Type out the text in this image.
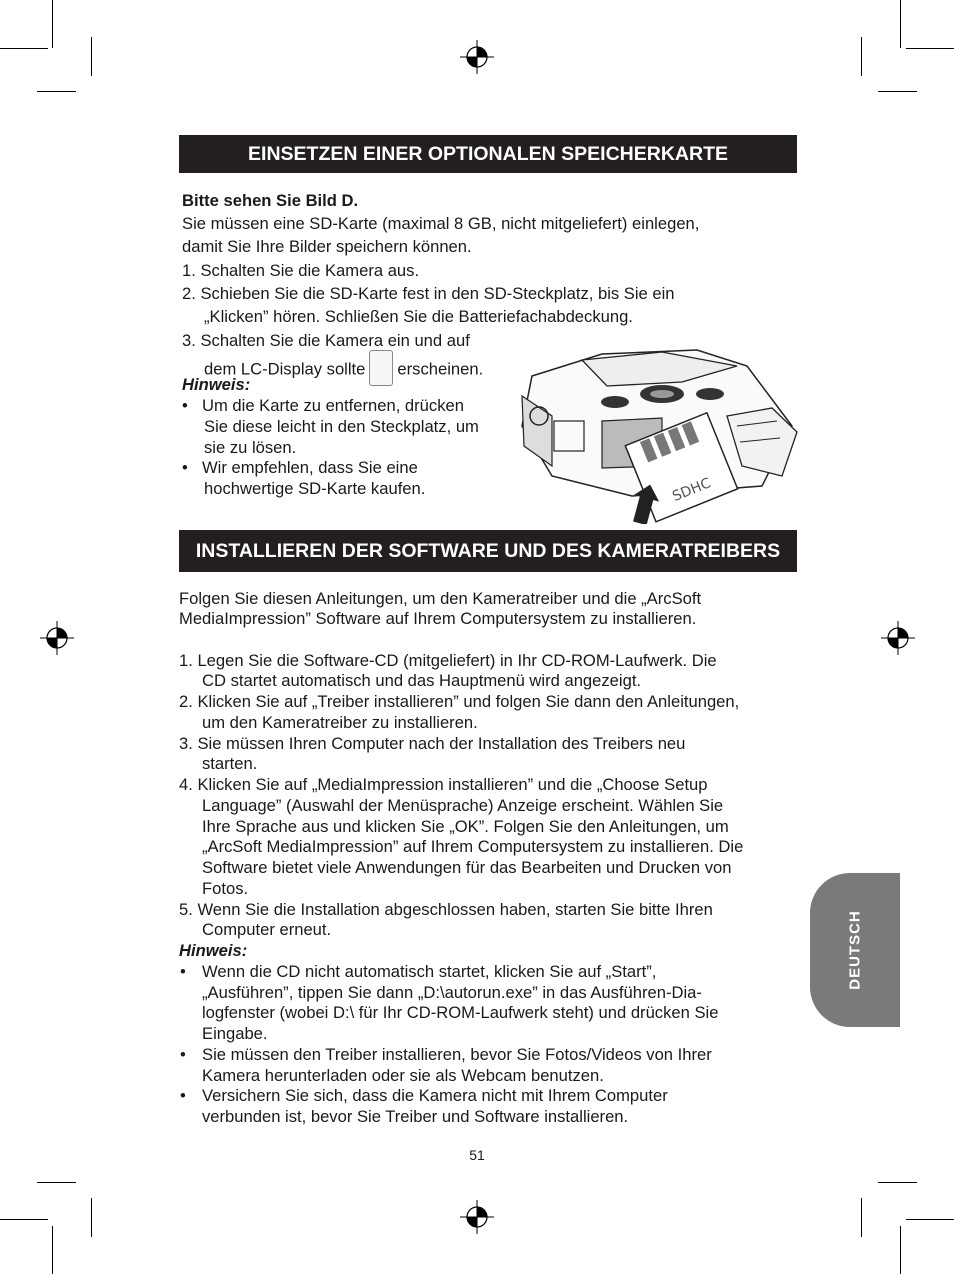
EINSETZEN EINER OPTIONALEN SPEICHERKARTE
Bitte sehen Sie Bild D.
Sie müssen eine SD-Karte (maximal 8 GB, nicht mitgeliefert) einlegen,
damit Sie Ihre Bilder speichern können.
1. Schalten Sie die Kamera aus.
2. Schieben Sie die SD-Karte fest in den SD-Steckplatz, bis Sie ein
„Klicken” hören. Schließen Sie die Batteriefachabdeckung.
3. Schalten Sie die Kamera ein und auf
dem LC-Display sollte erscheinen.
Hinweis:
• Um die Karte zu entfernen, drücken
Sie diese leicht in den Steckplatz, um
sie zu lösen.
• Wir empfehlen, dass Sie eine
hochwertige SD-Karte kaufen.	SDHC
INSTALLIEREN DER SOFTWARE UND DES KAMERATREIBERS
Folgen Sie diesen Anleitungen, um den Kameratreiber und die „ArcSoft
MediaImpression” Software auf Ihrem Computersystem zu installieren.
1. Legen Sie die Software-CD (mitgeliefert) in Ihr CD-ROM-Laufwerk. Die
CD startet automatisch und das Hauptmenü wird angezeigt.
2. Klicken Sie auf „Treiber installieren” und folgen Sie dann den Anleitungen,
um den Kameratreiber zu installieren.
3. Sie müssen Ihren Computer nach der Installation des Treibers neu
starten.
4. Klicken Sie auf „MediaImpression installieren” und die „Choose Setup
Language” (Auswahl der Menüsprache) Anzeige erscheint. Wählen Sie
Ihre Sprache aus und klicken Sie „OK”. Folgen Sie den Anleitungen, um
„ArcSoft MediaImpression” auf Ihrem Computersystem zu installieren. Die
Software bietet viele Anwendungen für das Bearbeiten und Drucken von
Fotos.
5. Wenn Sie die Installation abgeschlossen haben, starten Sie bitte Ihren
Computer erneut.
Hinweis:
• Wenn die CD nicht automatisch startet, klicken Sie auf „Start”,
„Ausführen”, tippen Sie dann „D:\autorun.exe” in das Ausführen-Dia-
logfenster (wobei D:\ für Ihr CD-ROM-Laufwerk steht) und drücken Sie
Eingabe.
• Sie müssen den Treiber installieren, bevor Sie Fotos/Videos von Ihrer
Kamera herunterladen oder sie als Webcam benutzen.
• Versichern Sie sich, dass die Kamera nicht mit Ihrem Computer
verbunden ist, bevor Sie Treiber und Software installieren.
DEUTSCH
51
